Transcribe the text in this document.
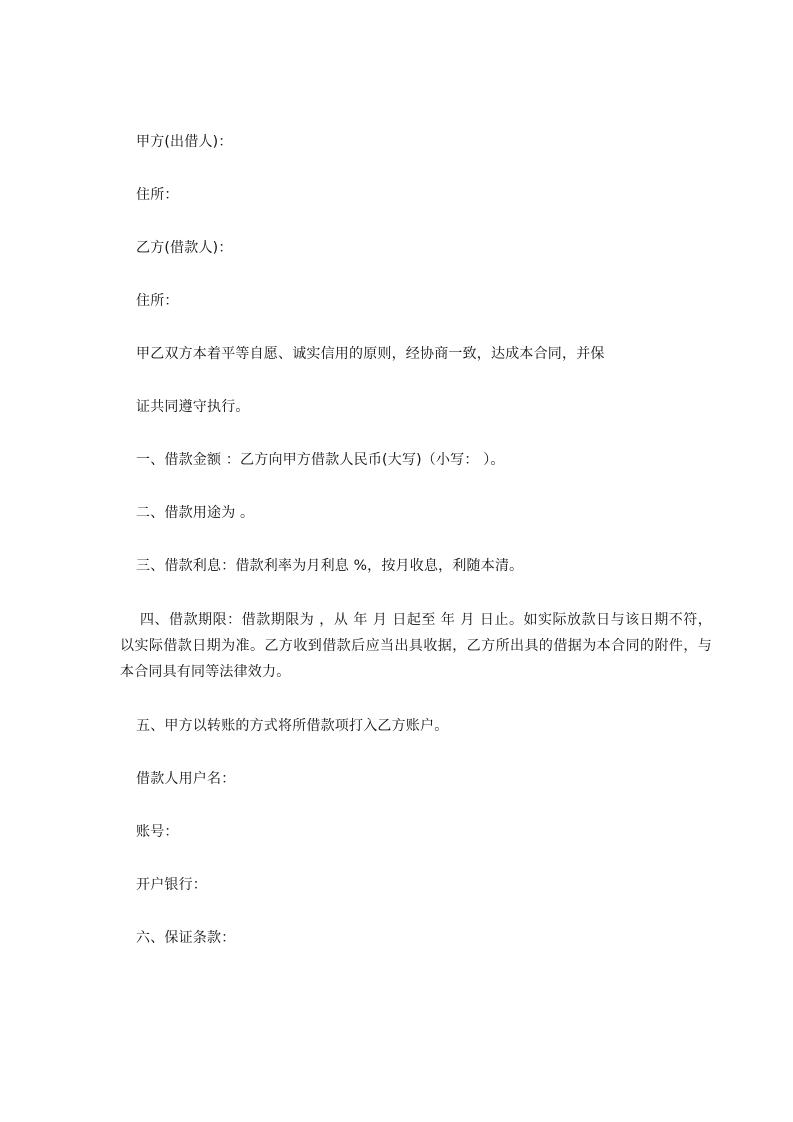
甲方(出借人)：
住所：
乙方(借款人)：
住所：
甲乙双方本着平等自愿、诚实信用的原则，经协商一致，达成本合同，并保
证共同遵守执行。
一、借款金额 ：乙方向甲方借款人民币(大写)（小写： ）。
二、借款用途为 。
三、借款利息：借款利率为月利息 %，按月收息，利随本清。
四、借款期限：借款期限为 ，从 年 月 日起至 年 月 日止。如实际放款日与该日期不符，以实际借款日期为准。乙方收到借款后应当出具收据，乙方所出具的借据为本合同的附件，与本合同具有同等法律效力。
五、甲方以转账的方式将所借款项打入乙方账户。
借款人用户名：
账号：
开户银行：
六、保证条款：
